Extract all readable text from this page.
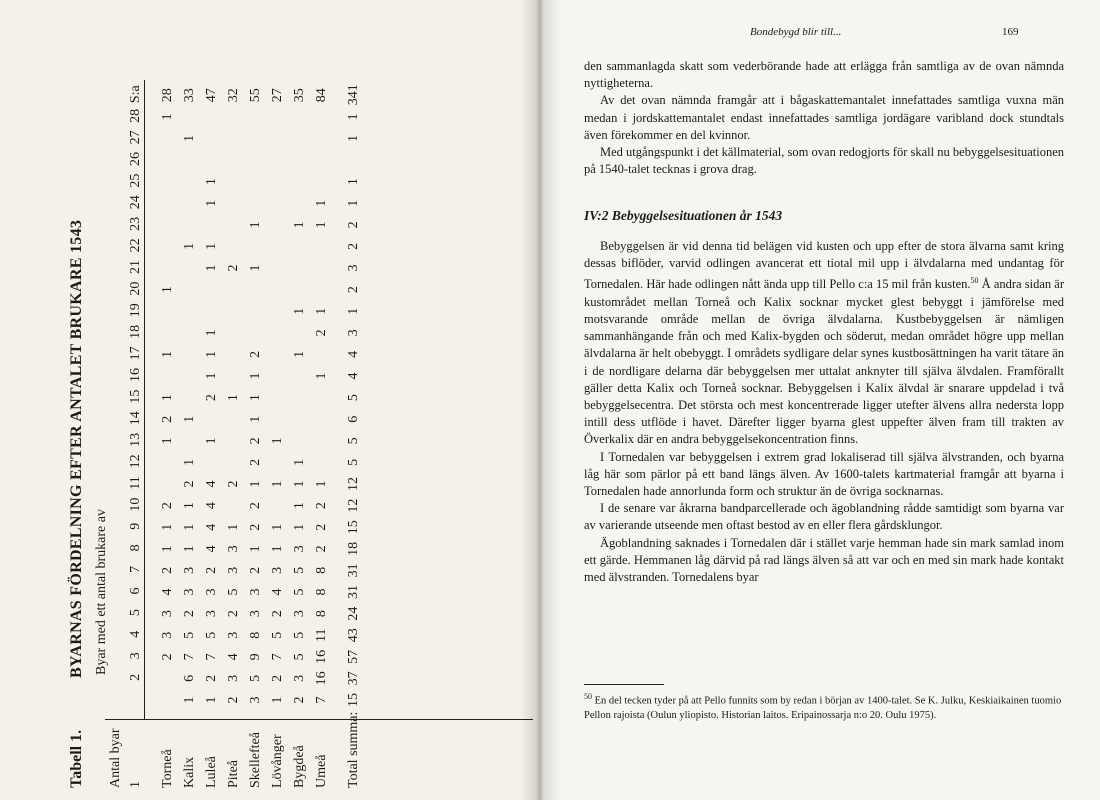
Tabell 1.
BYARNAS FÖRDELNING EFTER ANTALET BRUKARE 1543 Byar med ett antal brukare av
Antal byar 1
2
3
4
5
6
7
8
9
10
11
12
13
14
15
16
17
18
19
20
21
22
23
24
25
26
27
28
S:a
Torneå
2
3
3
4
2
1
1
2
1
2
1
1
1
1
28
Kalix
1
6
7
5
2
3
3
1
1
1
2
1
1
1
1
33
Luleå
1
2
7
5
3
3
2
4
4
4
4
1
2
1
1
1
1
1
1
1
47
Piteå
2
3
4
3
2
5
3
3
1
2
1
2
32
Skellefteå
3
5
9
8
3
3
2
1
2
2
1
2
2
1
1
1
2
1
1
55
Lövånger
1
2
7
5
2
4
3
1
1
1
1
27
Bygdeå
2
3
5
5
3
5
5
3
1
1
1
1
1
1
1
35
Umeå
7
16
16
11
8
8
8
2
2
2
1
1
2
1
1
1
84
Total summa:
15
37
57
43
24
31
31
18
15
12
12
5
5
6
5
4
4
3
1
2
3
2
2
1
1
1
1
341
Bondebygd blir till...	169

den sammanlagda skatt som vederbörande hade att erlägga från samtliga av de ovan nämnda nyttigheterna.

Av det ovan nämnda framgår att i bågaskattemantalet innefattades samtliga vuxna män medan i jordskattemantalet endast innefattades samtliga jordägare varibland dock stundtals även förekommer en del kvinnor.

Med utgångspunkt i det källmaterial, som ovan redogjorts för skall nu bebyggelsesituationen på 1540-talet tecknas i grova drag.

IV:2 Bebyggelsesituationen år 1543

Bebyggelsen är vid denna tid belägen vid kusten och upp efter de stora älvarna samt kring dessas biflöder, varvid odlingen avancerat ett tiotal mil upp i älvdalarna med undantag för Tornedalen. Här hade odlingen nått ända upp till Pello c:a 15 mil från kusten.$^{50}$ Å andra sidan är kustområdet mellan Torneå och Kalix socknar mycket glest bebyggt i jämförelse med motsvarande område mellan de övriga älvdalarna. Kustbebyggelsen är nämligen sammanhängande från och med Kalix-bygden och söderut, medan området högre upp mellan älvdalarna är helt obebyggt. I områdets sydligare delar synes kustbosättningen ha varit tätare än i de nordligare delarna där bebyggelsen mer uttalat anknyter till själva älvdalen. Framförallt gäller detta Kalix och Torneå socknar. Bebyggelsen i Kalix älvdal är snarare uppdelad i två bebyggelsecentra. Det största och mest koncentrerade ligger utefter älvens allra nedersta lopp intill dess utflöde i havet. Därefter ligger byarna glest uppefter älven fram till trakten av Överkalix där en andra bebyggelsekoncentration finns.

I Tornedalen var bebyggelsen i extrem grad lokaliserad till själva älvstranden, och byarna låg här som pärlor på ett band längs älven. Av 1600-talets kartmaterial framgår att byarna i Tornedalen hade annorlunda form och struktur än de övriga socknarnas.

I de senare var åkrarna bandparcellerade och ägoblandning rådde samtidigt som byarna var av varierande utseende men oftast bestod av en eller flera gårdsklungor.

Ägoblandning saknades i Tornedalen där i stället varje hemman hade sin mark samlad inom ett gärde. Hemmanen låg därvid på rad längs älven så att var och en med sin mark hade kontakt med älvstranden. Tornedalens byar

$^{50}$ En del tecken tyder på att Pello funnits som by redan i början av 1400-talet. Se K. Julku, Keskiaikainen tuomio Pellon rajoista (Oulun yliopisto. Historian laitos. Eripainossarja n:o 20. Oulu 1975).
